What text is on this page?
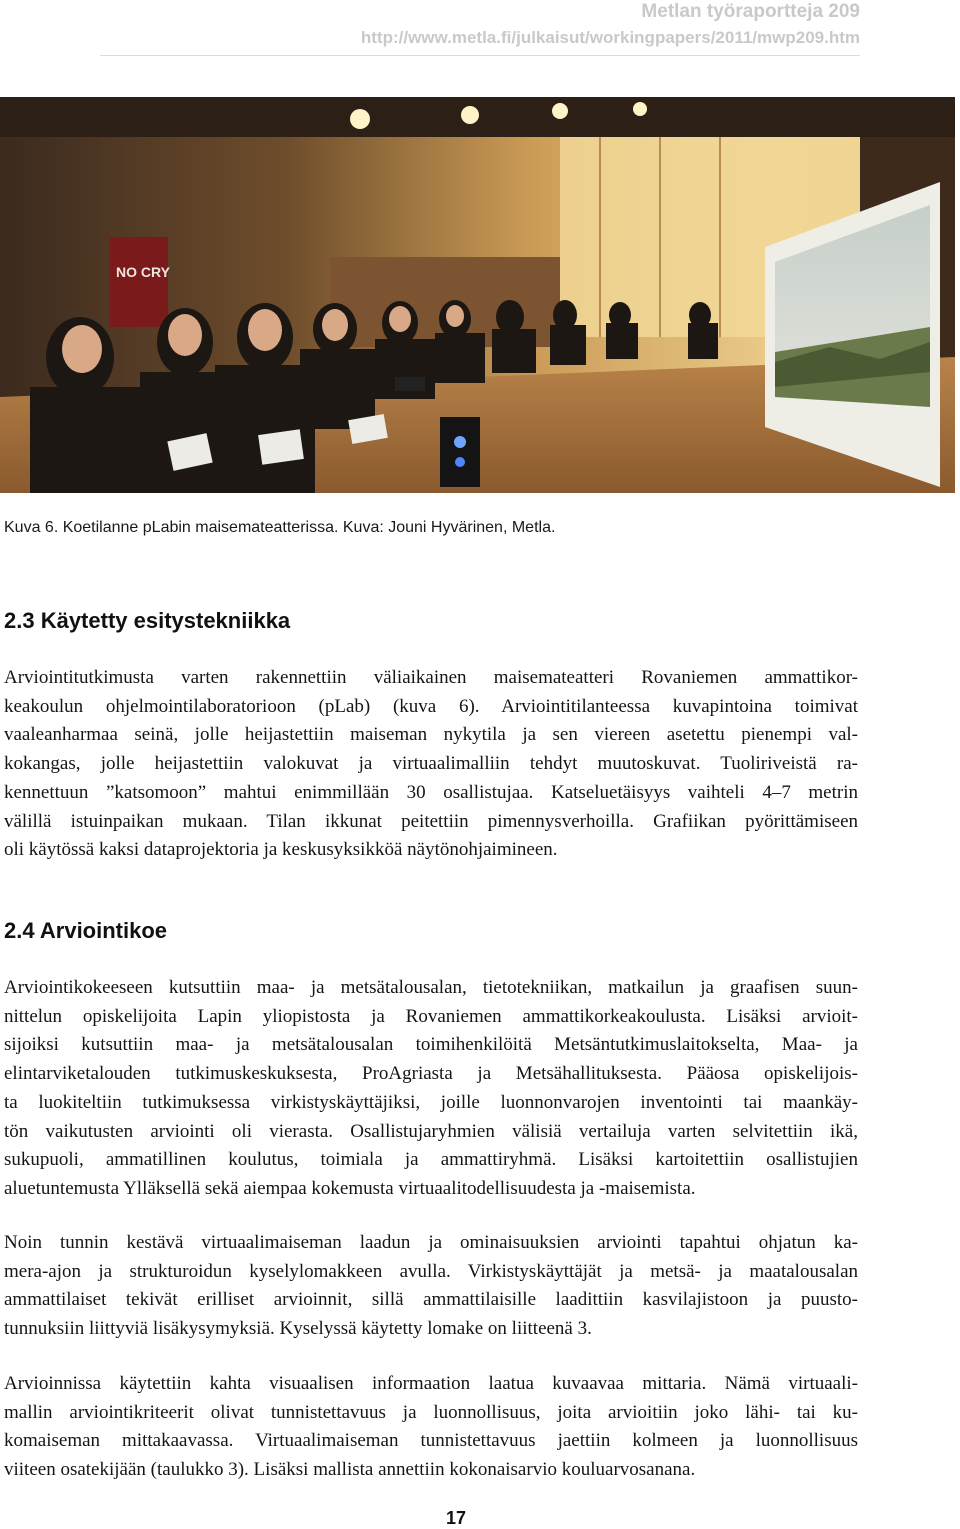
Metlan työraportteja 209
http://www.metla.fi/julkaisut/workingpapers/2011/mwp209.htm
NO CRY
Kuva 6. Koetilanne pLabin maisemateatterissa. Kuva: Jouni Hyvärinen, Metla.
2.3 Käytetty esitystekniikka
Arviointitutkimusta varten rakennettiin väliaikainen maisemateatteri Rovaniemen ammattikor-
keakoulun ohjelmointilaboratorioon (pLab) (kuva 6). Arviointitilanteessa kuvapintoina toimivat
vaaleanharmaa seinä, jolle heijastettiin maiseman nykytila ja sen viereen asetettu pienempi val-
kokangas, jolle heijastettiin valokuvat ja virtuaalimalliin tehdyt muutoskuvat. Tuoliriveistä ra-
kennettuun ”katsomoon” mahtui enimmillään 30 osallistujaa. Katseluetäisyys vaihteli 4–7 metrin
välillä istuinpaikan mukaan. Tilan ikkunat peitettiin pimennysverhoilla. Grafiikan pyörittämiseen
oli käytössä kaksi dataprojektoria ja keskusyksikköä näytönohjaimineen.
2.4 Arviointikoe
Arviointikokeeseen kutsuttiin maa- ja metsätalousalan, tietotekniikan, matkailun ja graafisen suun-
nittelun opiskelijoita Lapin yliopistosta ja Rovaniemen ammattikorkeakoulusta. Lisäksi arvioit-
sijoiksi kutsuttiin maa- ja metsätalousalan toimihenkilöitä Metsäntutkimuslaitokselta, Maa- ja
elintarviketalouden tutkimuskeskuksesta, ProAgriasta ja Metsähallituksesta. Pääosa opiskelijois-
ta luokiteltiin tutkimuksessa virkistyskäyttäjiksi, joille luonnonvarojen inventointi tai maankäy-
tön vaikutusten arviointi oli vierasta. Osallistujaryhmien välisiä vertailuja varten selvitettiin ikä,
sukupuoli, ammatillinen koulutus, toimiala ja ammattiryhmä. Lisäksi kartoitettiin osallistujien
aluetuntemusta Ylläksellä sekä aiempaa kokemusta virtuaalitodellisuudesta ja -maisemista.
Noin tunnin kestävä virtuaalimaiseman laadun ja ominaisuuksien arviointi tapahtui ohjatun ka-
mera-ajon ja strukturoidun kyselylomakkeen avulla. Virkistyskäyttäjät ja metsä- ja maatalousalan
ammattilaiset tekivät erilliset arvioinnit, sillä ammattilaisille laadittiin kasvilajistoon ja puusto-
tunnuksiin liittyviä lisäkysymyksiä. Kyselyssä käytetty lomake on liitteenä 3.
Arvioinnissa käytettiin kahta visuaalisen informaation laatua kuvaavaa mittaria. Nämä virtuaali-
mallin arviointikriteerit olivat tunnistettavuus ja luonnollisuus, joita arvioitiin joko lähi- tai ku-
komaiseman mittakaavassa. Virtuaalimaiseman tunnistettavuus jaettiin kolmeen ja luonnollisuus
viiteen osatekijään (taulukko 3). Lisäksi mallista annettiin kokonaisarvio kouluarvosanana.
17
